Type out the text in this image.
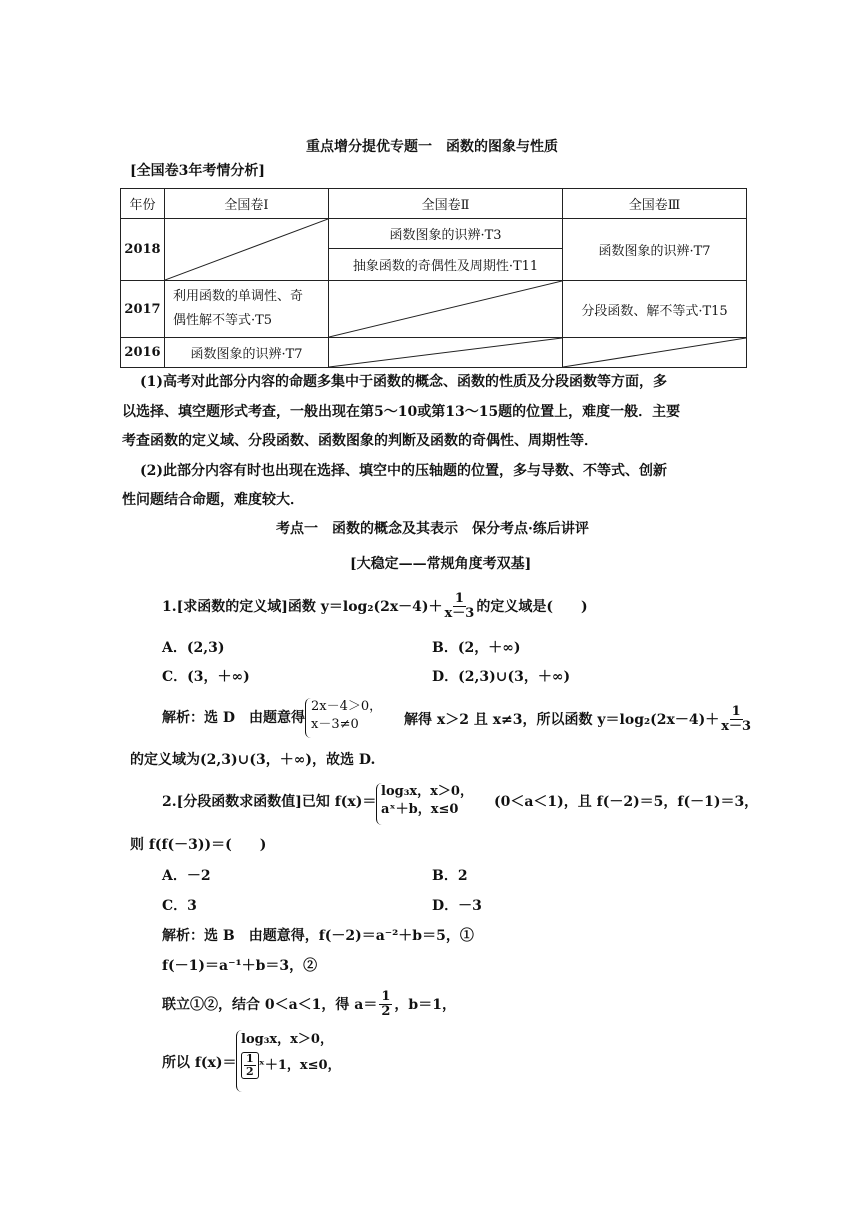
重点增分提优专题一　函数的图象与性质
[全国卷3年考情分析]
年份	全国卷Ⅰ	全国卷Ⅱ	全国卷Ⅲ
2018		函数图象的识辨·T3	函数图象的识辨·T7
		抽象函数的奇偶性及周期性·T11	
2017	利用函数的单调性、奇
偶性解不等式·T5		分段函数、解不等式·T15
2016	函数图象的识辨·T7	

(1)高考对此部分内容的命题多集中于函数的概念、函数的性质及分段函数等方面，多
以选择、填空题形式考查，一般出现在第5～10或第13～15题的位置上，难度一般．主要
考查函数的定义域、分段函数、函数图象的判断及函数的奇偶性、周期性等．
(2)此部分内容有时也出现在选择、填空中的压轴题的位置，多与导数、不等式、创新
性问题结合命题，难度较大．
考点一　函数的概念及其表示　保分考点·练后讲评
[大稳定——常规角度考双基]
1.[求函数的定义域]函数 $y=\log_2(2x-4)+ \frac{1}{x-3}$ 的定义域是(　　)
A．(2,3)	B．(2，＋∞)
C．(3，＋∞)	D．(2,3)∪(3，＋∞)
解析：选 D　由题意得
2x－4＞0，
x－3≠0	解得 x＞2 且 x≠3，所以函数 $y=\log_2(2x-4)+ \frac{1}{x-3}$
的定义域为(2,3)∪(3，＋∞)，故选 D.
2.[分段函数求函数值]已知 f(x)＝
log₃x，x＞0，
aˣ＋b，x≤0	(0＜a＜1)，且 f(－2)＝5，f(－1)＝3，
则 f(f(－3))＝(　　)
A．－2	B．2
C．3	D．－3
解析：选 B　由题意得，f(－2)＝a⁻²＋b＝5，①
f(－1)＝a⁻¹＋b＝3，②
联立①②，结合 0＜a＜1，得 $a= \frac{1}{2}$ ，b＝1，
所以 f(x)＝
log₃x，x＞0，
$\frac{1}{2}$ ˣ＋1，x≤0，
